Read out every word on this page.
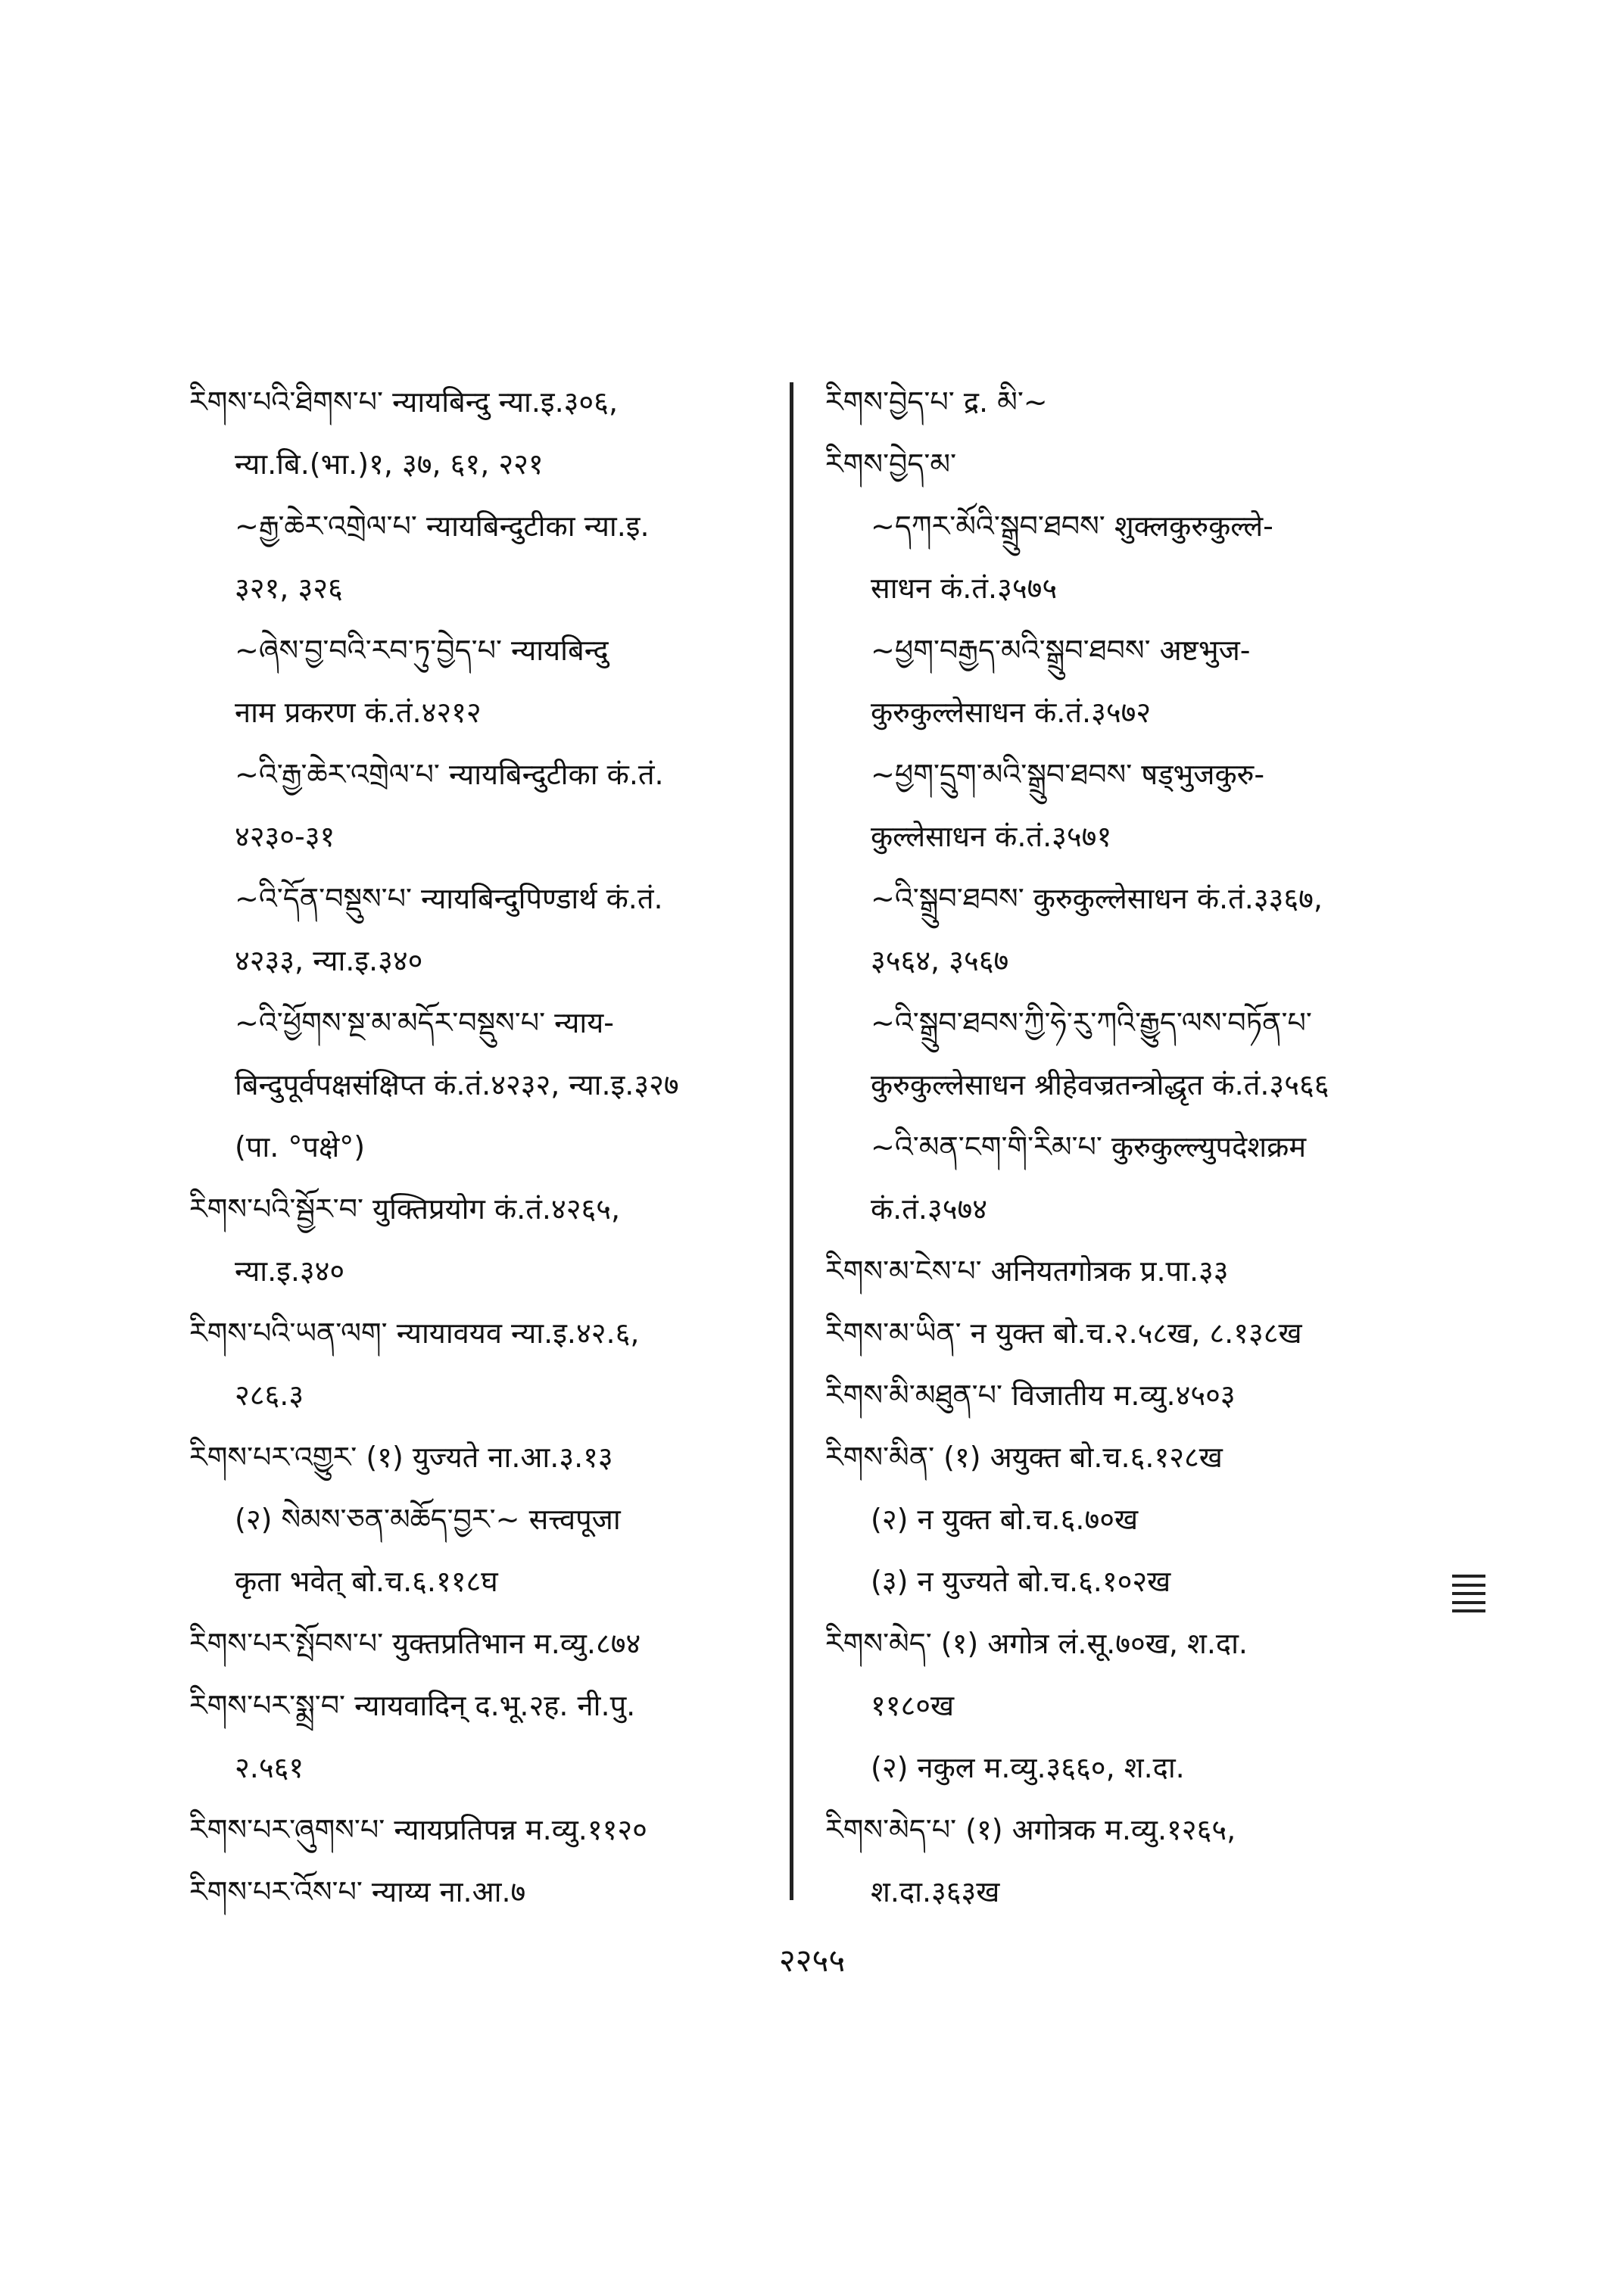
རིགས་པའི་ཐིགས་པ་ न्यायबिन्दु न्या.इ.३०६,
न्या.बि.(भा.)१, ३७, ६१, २२१
~རྒྱ་ཆེར་འགྲེལ་པ་ न्यायबिन्दुटीका न्या.इ.
३२१, ३२६
~ཞེས་བྱ་བའི་རབ་ཏུ་བྱེད་པ་ न्यायबिन्दु
नाम प्रकरण कं.तं.४२१२
~འི་རྒྱ་ཆེར་འགྲེལ་པ་ न्यायबिन्दुटीका कं.तं.
४२३०-३१
~འི་དོན་བསྡུས་པ་ न्यायबिन्दुपिण्डार्थ कं.तं.
४२३३, न्या.इ.३४०
~འི་ཕྱོགས་སྔ་མ་མདོར་བསྡུས་པ་ न्याय-
बिन्दुपूर्वपक्षसंक्षिप्त कं.तं.४२३२, न्या.इ.३२७
(पा. °पक्षे°)
རིགས་པའི་སྦྱོར་བ་ युक्तिप्रयोग कं.तं.४२६५,
न्या.इ.३४०
རིགས་པའི་ཡན་ལག་ न्यायावयव न्या.इ.४२.६,
२८६.३
རིགས་པར་འགྱུར་ (१) युज्यते ना.आ.३.१३
(२) སེམས་ཅན་མཆོད་བྱར་~ सत्त्वपूजा
कृता भवेत् बो.च.६.११८घ
རིགས་པར་སྤོབས་པ་ युक्तप्रतिभान म.व्यु.८७४
རིགས་པར་སྨྲ་བ་ न्यायवादिन् द.भू.२ह. नी.पु.
२.५६१
རིགས་པར་ཞུགས་པ་ न्यायप्रतिपन्न म.व्यु.११२०
རིགས་པར་འོས་པ་ न्याय्य ना.आ.७
རིགས་བྱེད་པ་ द्र. མི་~
རིགས་བྱེད་མ་
~དཀར་མོའི་སྒྲུབ་ཐབས་ शुक्लकुरुकुल्ले-
साधन कं.तं.३५७५
~ཕྱག་བརྒྱད་མའི་སྒྲུབ་ཐབས་ अष्टभुज-
कुरुकुल्लेसाधन कं.तं.३५७२
~ཕྱག་དྲུག་མའི་སྒྲུབ་ཐབས་ षड्भुजकुरु-
कुल्लेसाधन कं.तं.३५७१
~འི་སྒྲུབ་ཐབས་ कुरुकुल्लेसाधन कं.तं.३३६७,
३५६४, ३५६७
~འི་སྒྲུབ་ཐབས་ཀྱི་ཧེ་རུ་ཀའི་རྒྱུད་ལས་བཏོན་པ་
कुरुकुल्लेसाधन श्रीहेवज्रतन्त्रोद्धृत कं.तं.३५६६
~འི་མན་ངག་གི་རིམ་པ་ कुरुकुल्ल्युपदेशक्रम
कं.तं.३५७४
རིགས་མ་ངེས་པ་ अनियतगोत्रक प्र.पा.३३
རིགས་མ་ཡིན་ न युक्त बो.च.२.५८ख, ८.१३८ख
རིགས་མི་མཐུན་པ་ विजातीय म.व्यु.४५०३
རིགས་མིན་ (१) अयुक्त बो.च.६.१२८ख
(२) न युक्त बो.च.६.७०ख
(३) न युज्यते बो.च.६.१०२ख
རིགས་མེད་ (१) अगोत्र लं.सू.७०ख, श.दा.
११८०ख
(२) नकुल म.व्यु.३६६०, श.दा.
རིགས་མེད་པ་ (१) अगोत्रक म.व्यु.१२६५,
श.दा.३६३ख
२२५५
